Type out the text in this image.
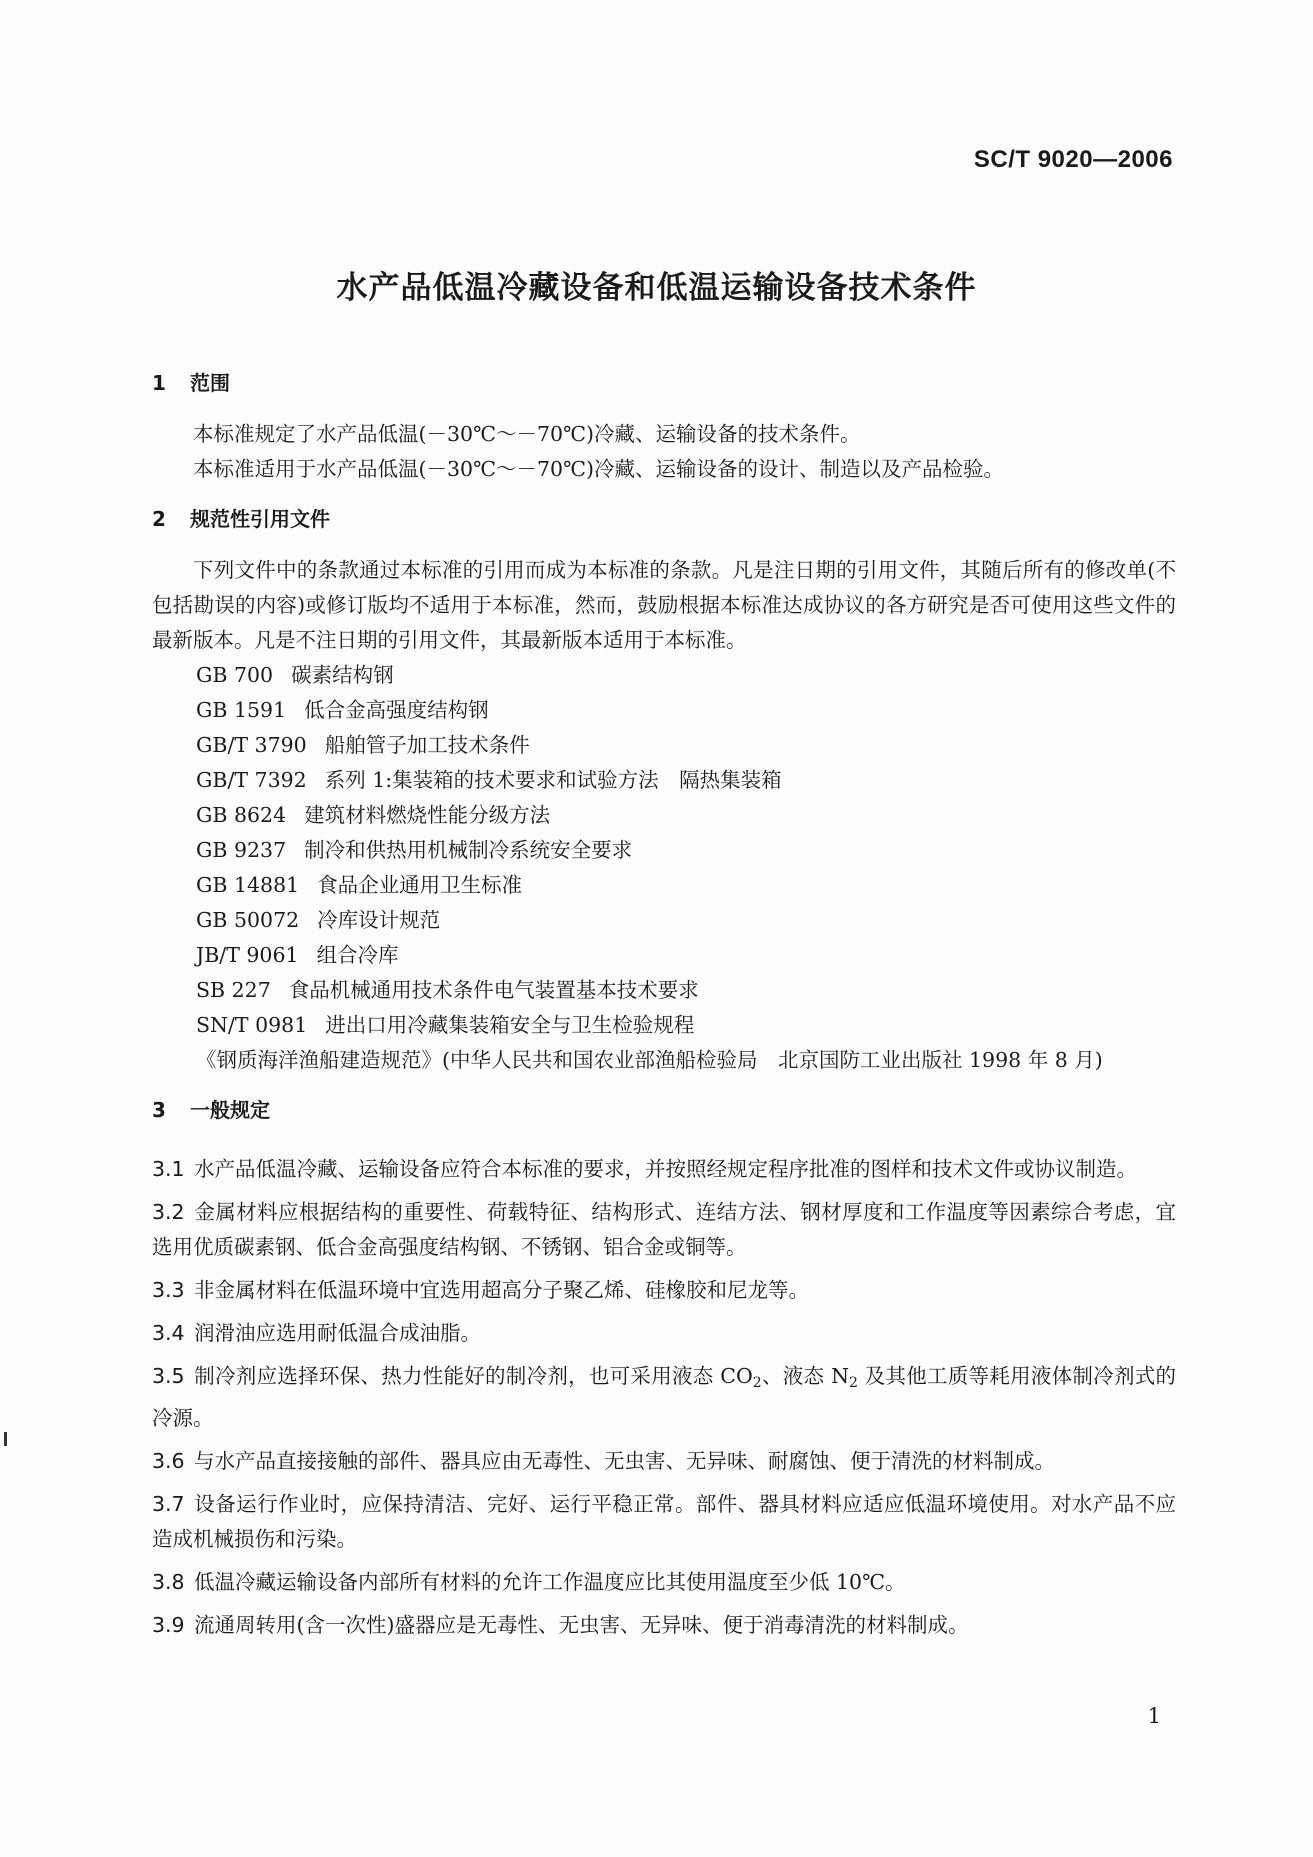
SC/T 9020—2006
水产品低温冷藏设备和低温运输设备技术条件
1 范围
本标准规定了水产品低温(－30℃～－70℃)冷藏、运输设备的技术条件。
本标准适用于水产品低温(－30℃～－70℃)冷藏、运输设备的设计、制造以及产品检验。
2 规范性引用文件
下列文件中的条款通过本标准的引用而成为本标准的条款。凡是注日期的引用文件，其随后所有的修改单(不包括勘误的内容)或修订版均不适用于本标准，然而，鼓励根据本标准达成协议的各方研究是否可使用这些文件的最新版本。凡是不注日期的引用文件，其最新版本适用于本标准。
GB 700 碳素结构钢
GB 1591 低合金高强度结构钢
GB/T 3790 船舶管子加工技术条件
GB/T 7392 系列 1:集装箱的技术要求和试验方法　隔热集装箱
GB 8624 建筑材料燃烧性能分级方法
GB 9237 制冷和供热用机械制冷系统安全要求
GB 14881 食品企业通用卫生标准
GB 50072 冷库设计规范
JB/T 9061 组合冷库
SB 227 食品机械通用技术条件电气装置基本技术要求
SN/T 0981 进出口用冷藏集装箱安全与卫生检验规程
《钢质海洋渔船建造规范》(中华人民共和国农业部渔船检验局　北京国防工业出版社 1998 年 8 月)
3 一般规定
3.1 水产品低温冷藏、运输设备应符合本标准的要求，并按照经规定程序批准的图样和技术文件或协议制造。
3.2 金属材料应根据结构的重要性、荷载特征、结构形式、连结方法、钢材厚度和工作温度等因素综合考虑，宜选用优质碳素钢、低合金高强度结构钢、不锈钢、铝合金或铜等。
3.3 非金属材料在低温环境中宜选用超高分子聚乙烯、硅橡胶和尼龙等。
3.4 润滑油应选用耐低温合成油脂。
3.5 制冷剂应选择环保、热力性能好的制冷剂，也可采用液态 $CO_2$、液态 $N_2$ 及其他工质等耗用液体制冷剂式的冷源。
3.6 与水产品直接接触的部件、器具应由无毒性、无虫害、无异味、耐腐蚀、便于清洗的材料制成。
3.7 设备运行作业时，应保持清洁、完好、运行平稳正常。部件、器具材料应适应低温环境使用。对水产品不应造成机械损伤和污染。
3.8 低温冷藏运输设备内部所有材料的允许工作温度应比其使用温度至少低 10℃。
3.9 流通周转用(含一次性)盛器应是无毒性、无虫害、无异味、便于消毒清洗的材料制成。
1
